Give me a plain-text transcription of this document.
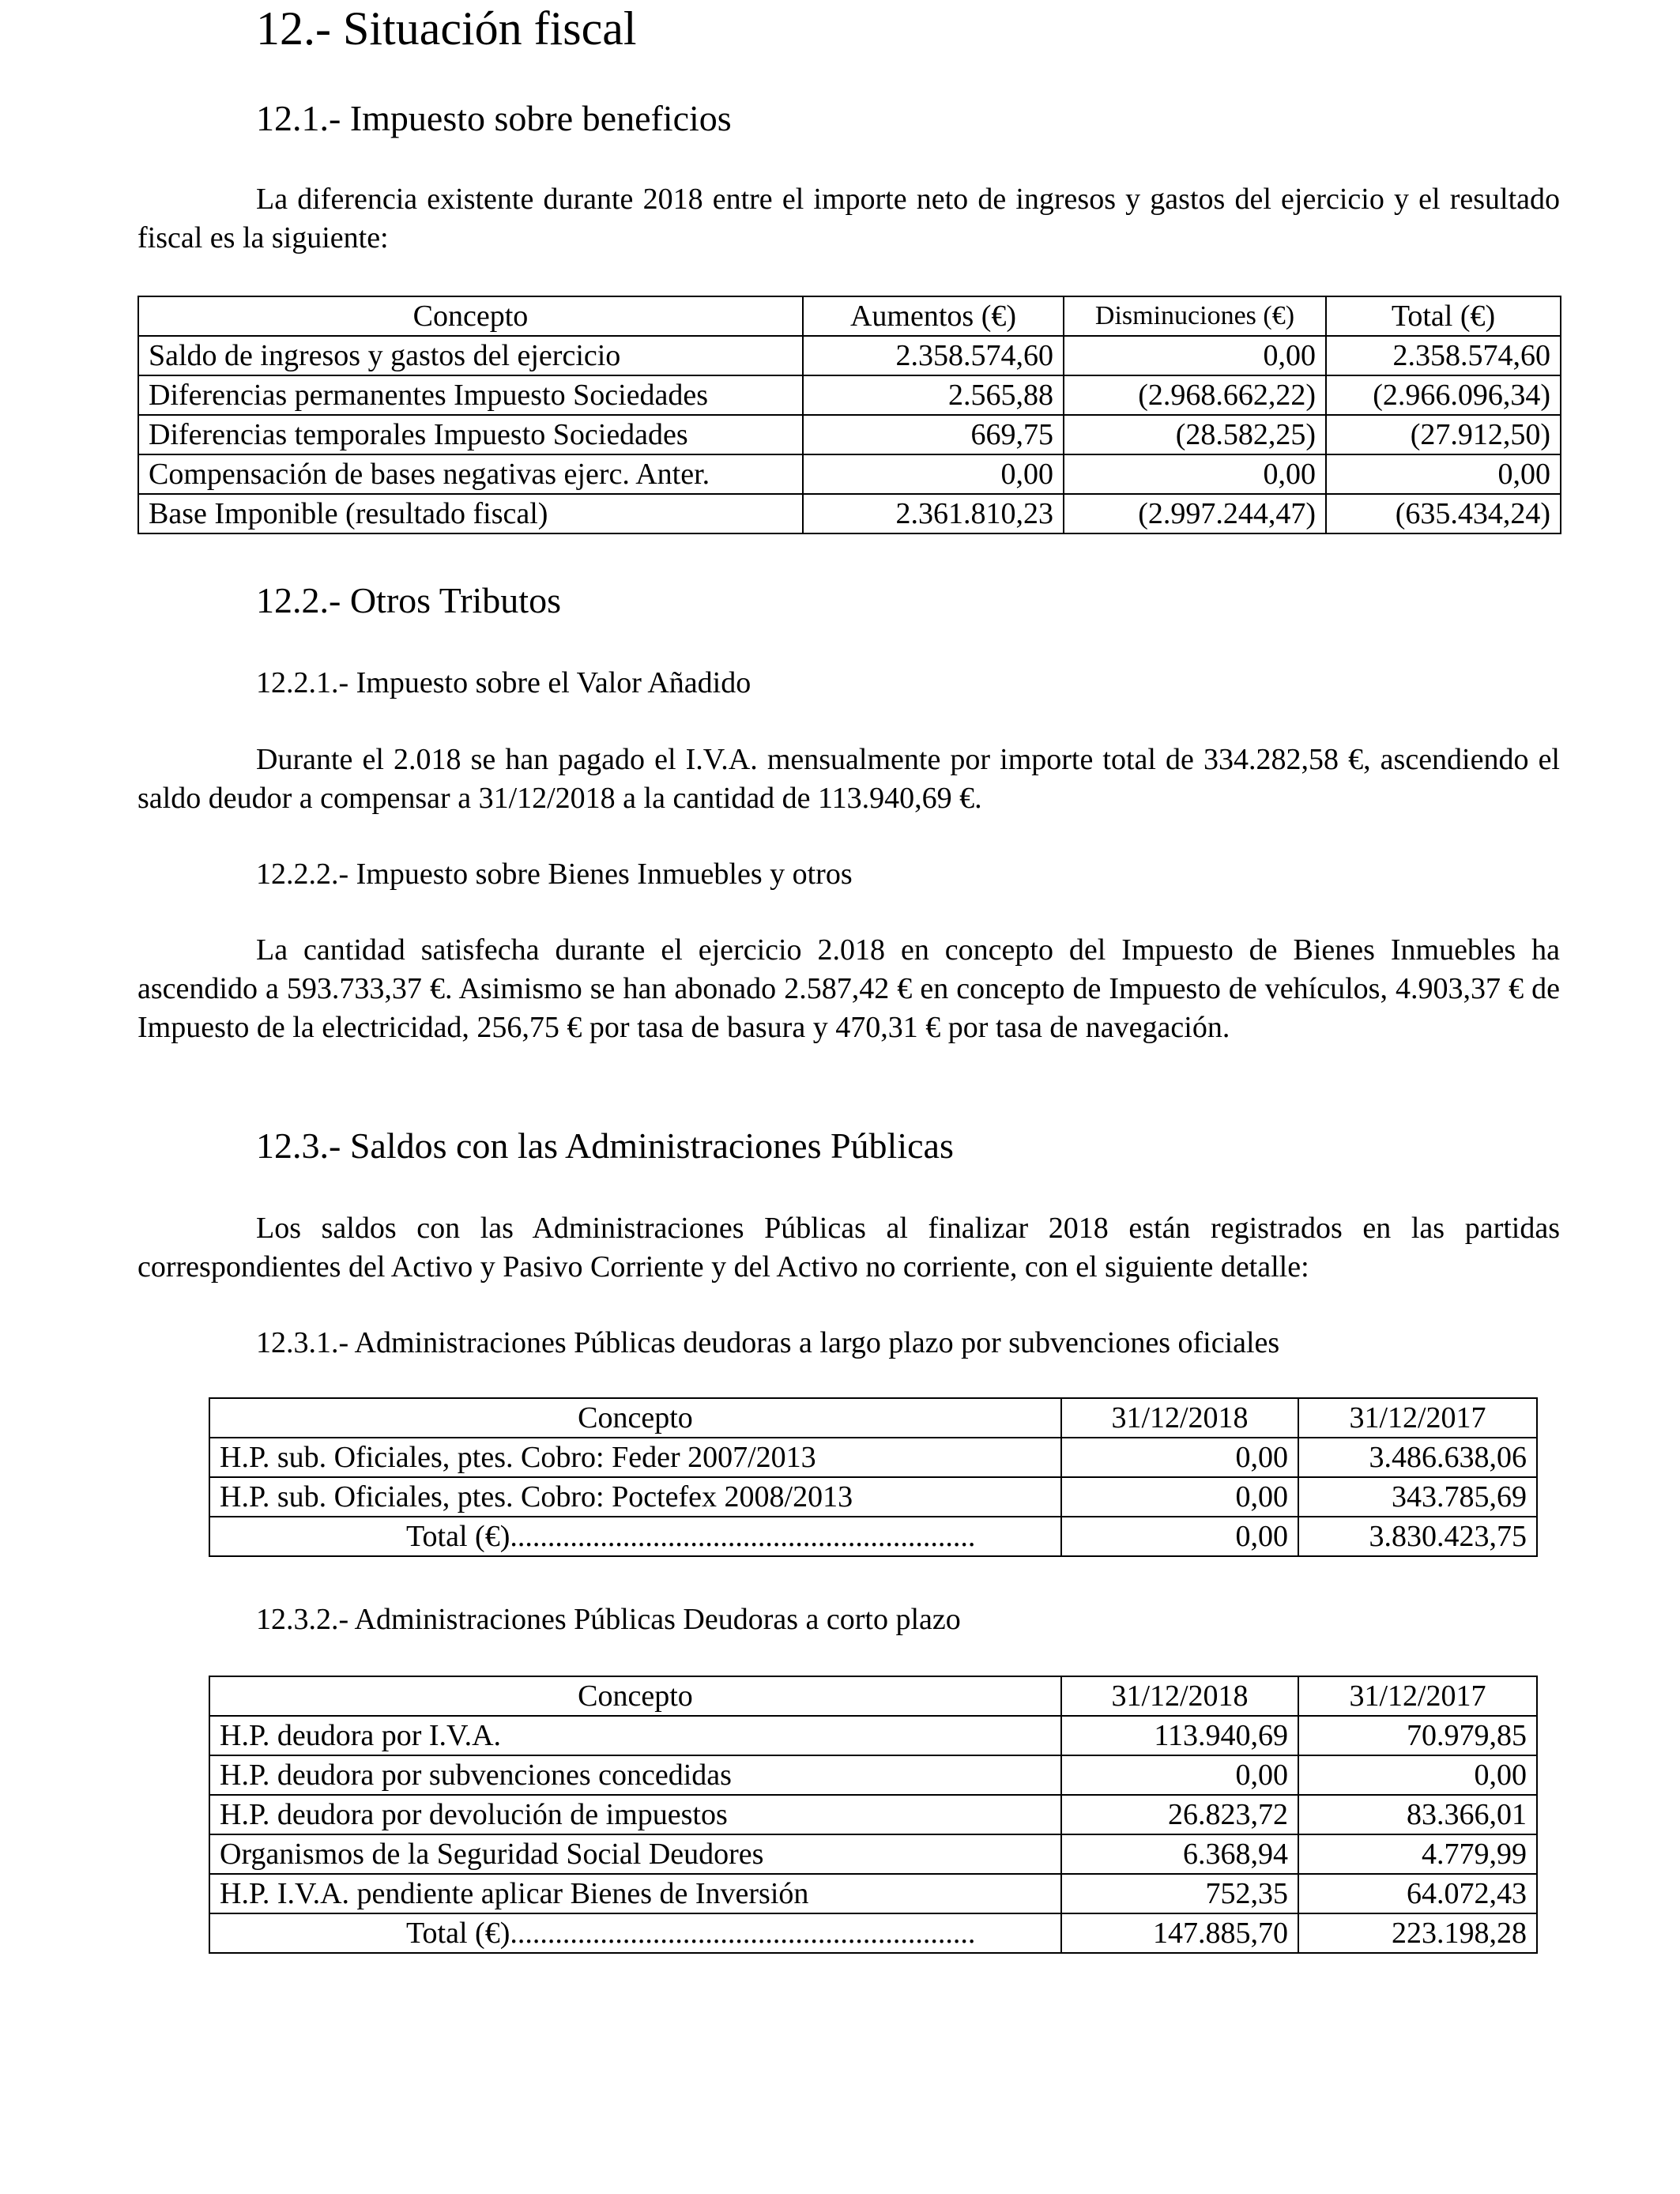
12.- Situación fiscal
12.1.- Impuesto sobre beneficios

La diferencia existente durante 2018 entre el importe neto de ingresos y gastos del ejercicio y el resultado fiscal es la siguiente:

Concepto	Aumentos (€)	Disminuciones (€)	Total (€)
Saldo de ingresos y gastos del ejercicio	2.358.574,60	0,00	2.358.574,60
Diferencias permanentes Impuesto Sociedades	2.565,88	(2.968.662,22)	(2.966.096,34)
Diferencias temporales Impuesto Sociedades	669,75	(28.582,25)	(27.912,50)
Compensación de bases negativas ejerc. Anter.	0,00	0,00	0,00
Base Imponible (resultado fiscal)	2.361.810,23	(2.997.244,47)	(635.434,24)
12.2.- Otros Tributos
12.2.1.- Impuesto sobre el Valor Añadido

Durante el 2.018 se han pagado el I.V.A. mensualmente por importe total de 334.282,58 €, ascendiendo el saldo deudor a compensar a 31/12/2018 a la cantidad de 113.940,69 €.

12.2.2.- Impuesto sobre Bienes Inmuebles y otros

La cantidad satisfecha durante el ejercicio 2.018 en concepto del Impuesto de Bienes Inmuebles ha ascendido a 593.733,37 €. Asimismo se han abonado 2.587,42 € en concepto de Impuesto de vehículos, 4.903,37 € de Impuesto de la electricidad, 256,75 € por tasa de basura y 470,31 € por tasa de navegación.

12.3.- Saldos con las Administraciones Públicas

Los saldos con las Administraciones Públicas al finalizar 2018 están registrados en las partidas correspondientes del Activo y Pasivo Corriente y del Activo no corriente, con el siguiente detalle:

12.3.1.- Administraciones Públicas deudoras a largo plazo por subvenciones oficiales
Concepto	31/12/2018	31/12/2017
H.P. sub. Oficiales, ptes. Cobro: Feder 2007/2013	0,00	3.486.638,06
H.P. sub. Oficiales, ptes. Cobro: Poctefex 2008/2013	0,00	343.785,69
Total (€)..............................................................	0,00	3.830.423,75
12.3.2.- Administraciones Públicas Deudoras a corto plazo
Concepto	31/12/2018	31/12/2017
H.P. deudora por I.V.A.	113.940,69	70.979,85
H.P. deudora por subvenciones concedidas	0,00	0,00
H.P. deudora por devolución de impuestos	26.823,72	83.366,01
Organismos de la Seguridad Social Deudores	6.368,94	4.779,99
H.P. I.V.A. pendiente aplicar Bienes de Inversión	752,35	64.072,43
Total (€)..............................................................	147.885,70	223.198,28
